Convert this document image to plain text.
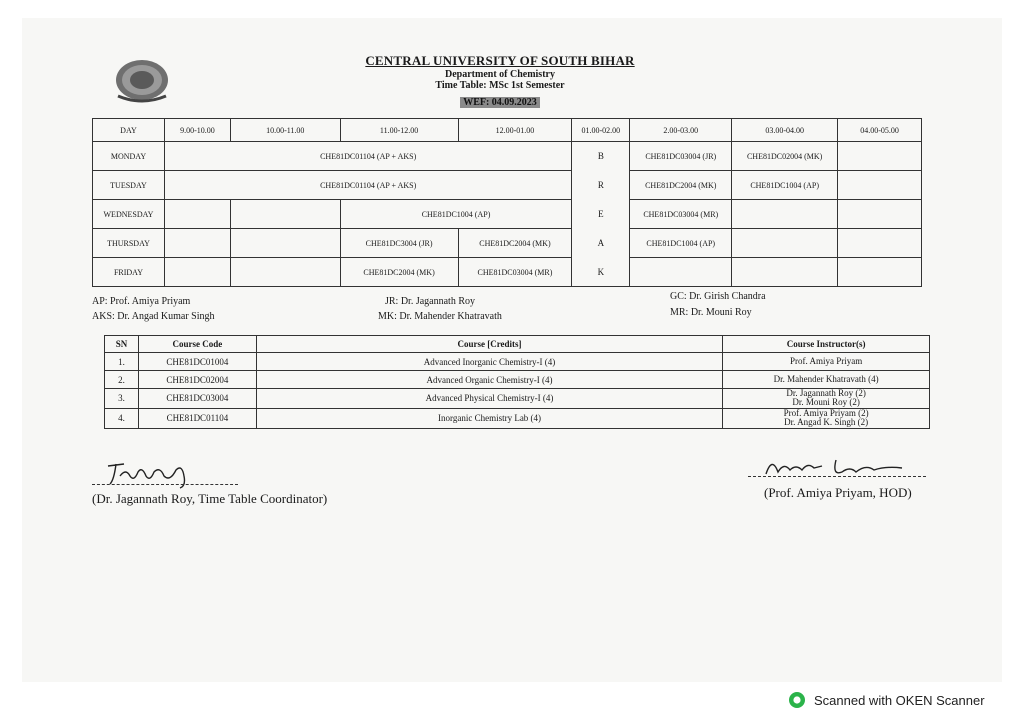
CENTRAL UNIVERSITY OF SOUTH BIHAR
Department of Chemistry
Time Table: MSc 1st Semester
WEF: 04.09.2023
DAY	9.00-10.00	10.00-11.00	11.00-12.00	12.00-01.00	01.00-02.00	2.00-03.00	03.00-04.00	04.00-05.00
MONDAY	CHE81DC01104 (AP + AKS)				B	CHE81DC03004 (JR)	CHE81DC02004 (MK)	
TUESDAY	CHE81DC01104 (AP + AKS)				R	CHE81DC2004 (MK)	CHE81DC1004 (AP)	
WEDNESDAY			CHE81DC1004 (AP)		E	CHE81DC03004 (MR)		
THURSDAY			CHE81DC3004 (JR)	CHE81DC2004 (MK)	A	CHE81DC1004 (AP)		
FRIDAY			CHE81DC2004 (MK)	CHE81DC03004 (MR)	K			
AP: Prof. Amiya Priyam
AKS: Dr. Angad Kumar Singh
JR: Dr. Jagannath Roy
MK: Dr. Mahender Khatravath
GC: Dr. Girish Chandra
MR: Dr. Mouni Roy
SN	Course Code	Course [Credits]	Course Instructor(s)
1.	CHE81DC01004	Advanced Inorganic Chemistry-I (4)	Prof. Amiya Priyam

2.	CHE81DC02004	Advanced Organic Chemistry-I (4)	Dr. Mahender Khatravath (4)

3.	CHE81DC03004	Advanced Physical Chemistry-I (4)	Dr. Jagannath Roy (2)
Dr. Mouni Roy (2)

4.	CHE81DC01104	Inorganic Chemistry Lab (4)	Prof. Amiya Priyam (2)
Dr. Angad K. Singh (2)
(Dr. Jagannath Roy, Time Table Coordinator)	(Prof. Amiya Priyam, HOD)
Scanned with OKEN Scanner
